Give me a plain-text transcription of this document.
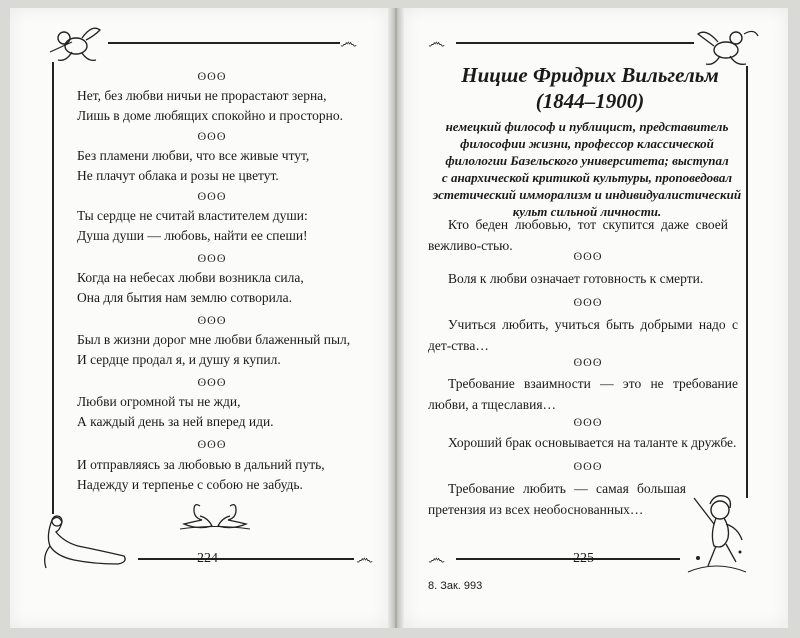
෴
෴
224
ʘʘʘ
Нет, без любви ничьи не прорастают зерна,
Лишь в доме любящих спокойно и просторно.
ʘʘʘ
Без пламени любви, что все живые чтут,
Не плачут облака и розы не цветут.
ʘʘʘ
Ты сердце не считай властителем души:
Душа души — любовь, найти ее спеши!
ʘʘʘ
Когда на небесах любви возникла сила,
Она для бытия нам землю сотворила.
ʘʘʘ
Был в жизни дорог мне любви блаженный пыл,
И сердце продал я, и душу я купил.
ʘʘʘ
Любви огромной ты не жди,
А каждый день за ней вперед иди.
ʘʘʘ
И отправляясь за любовью в дальний путь,
Надежду и терпенье с собою не забудь.
෴
෴	225
8. Зак. 993
Ницше Фридрих Вильгельм
(1844–1900)
немецкий философ и публицист, представитель
философии жизни, профессор классической
филологии Базельского университета; выступал
с анархической критикой культуры, проповедовал
эстетический имморализм и индивидуалистический
культ сильной личности.
Кто беден любовью, тот скупится даже своей вежливо-стью.
ʘʘʘ
Воля к любви означает готовность к смерти.
ʘʘʘ
Учиться любить, учиться быть добрыми надо с дет-ства…
ʘʘʘ
Требование взаимности — это не требование любви, а тщеславия…
ʘʘʘ
Хороший брак основывается на таланте к дружбе.
ʘʘʘ
Требование любить — самая большая претензия из всех необоснованных…
